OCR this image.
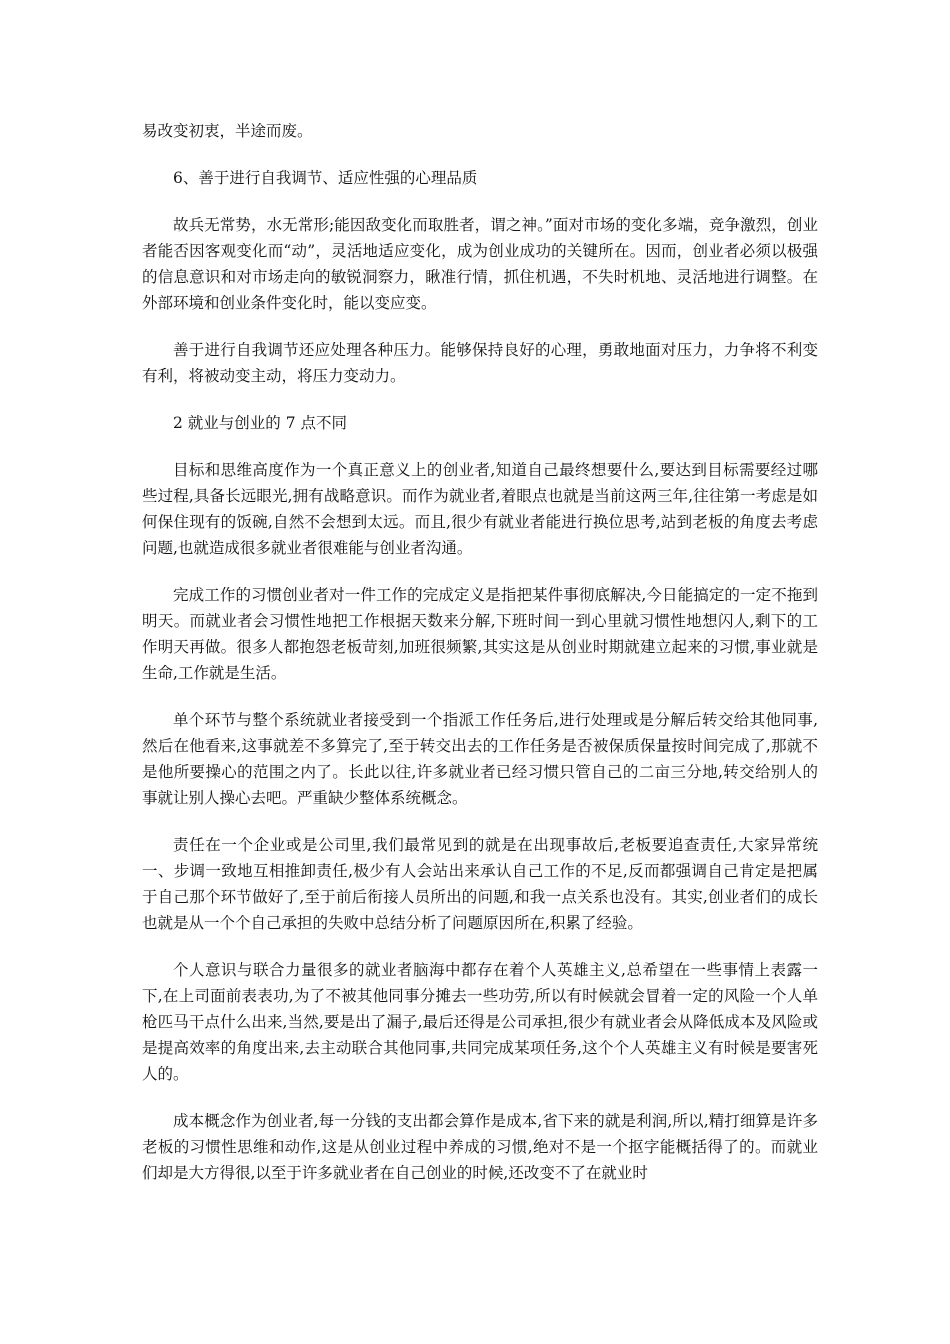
易改变初衷，半途而废。

6、善于进行自我调节、适应性强的心理品质

故兵无常势，水无常形;能因敌变化而取胜者，谓之神。”面对市场的变化多端，竞争激烈，创业者能否因客观变化而“动”，灵活地适应变化，成为创业成功的关键所在。因而，创业者必须以极强的信息意识和对市场走向的敏锐洞察力，瞅准行情，抓住机遇，不失时机地、灵活地进行调整。在外部环境和创业条件变化时，能以变应变。

善于进行自我调节还应处理各种压力。能够保持良好的心理，勇敢地面对压力，力争将不利变有利，将被动变主动，将压力变动力。

2 就业与创业的 7 点不同

目标和思维高度作为一个真正意义上的创业者,知道自己最终想要什么,要达到目标需要经过哪些过程,具备长远眼光,拥有战略意识。而作为就业者,着眼点也就是当前这两三年,往往第一考虑是如何保住现有的饭碗,自然不会想到太远。而且,很少有就业者能进行换位思考,站到老板的角度去考虑问题,也就造成很多就业者很难能与创业者沟通。

完成工作的习惯创业者对一件工作的完成定义是指把某件事彻底解决,今日能搞定的一定不拖到明天。而就业者会习惯性地把工作根据天数来分解,下班时间一到心里就习惯性地想闪人,剩下的工作明天再做。很多人都抱怨老板苛刻,加班很频繁,其实这是从创业时期就建立起来的习惯,事业就是生命,工作就是生活。

单个环节与整个系统就业者接受到一个指派工作任务后,进行处理或是分解后转交给其他同事,然后在他看来,这事就差不多算完了,至于转交出去的工作任务是否被保质保量按时间完成了,那就不是他所要操心的范围之内了。长此以往,许多就业者已经习惯只管自己的二亩三分地,转交给别人的事就让别人操心去吧。严重缺少整体系统概念。

责任在一个企业或是公司里,我们最常见到的就是在出现事故后,老板要追查责任,大家异常统一、步调一致地互相推卸责任,极少有人会站出来承认自己工作的不足,反而都强调自己肯定是把属于自己那个环节做好了,至于前后衔接人员所出的问题,和我一点关系也没有。其实,创业者们的成长也就是从一个个自己承担的失败中总结分析了问题原因所在,积累了经验。

个人意识与联合力量很多的就业者脑海中都存在着个人英雄主义,总希望在一些事情上表露一下,在上司面前表表功,为了不被其他同事分摊去一些功劳,所以有时候就会冒着一定的风险一个人单枪匹马干点什么出来,当然,要是出了漏子,最后还得是公司承担,很少有就业者会从降低成本及风险或是提高效率的角度出来,去主动联合其他同事,共同完成某项任务,这个个人英雄主义有时候是要害死人的。

成本概念作为创业者,每一分钱的支出都会算作是成本,省下来的就是利润,所以,精打细算是许多老板的习惯性思维和动作,这是从创业过程中养成的习惯,绝对不是一个抠字能概括得了的。而就业们却是大方得很,以至于许多就业者在自己创业的时候,还改变不了在就业时
